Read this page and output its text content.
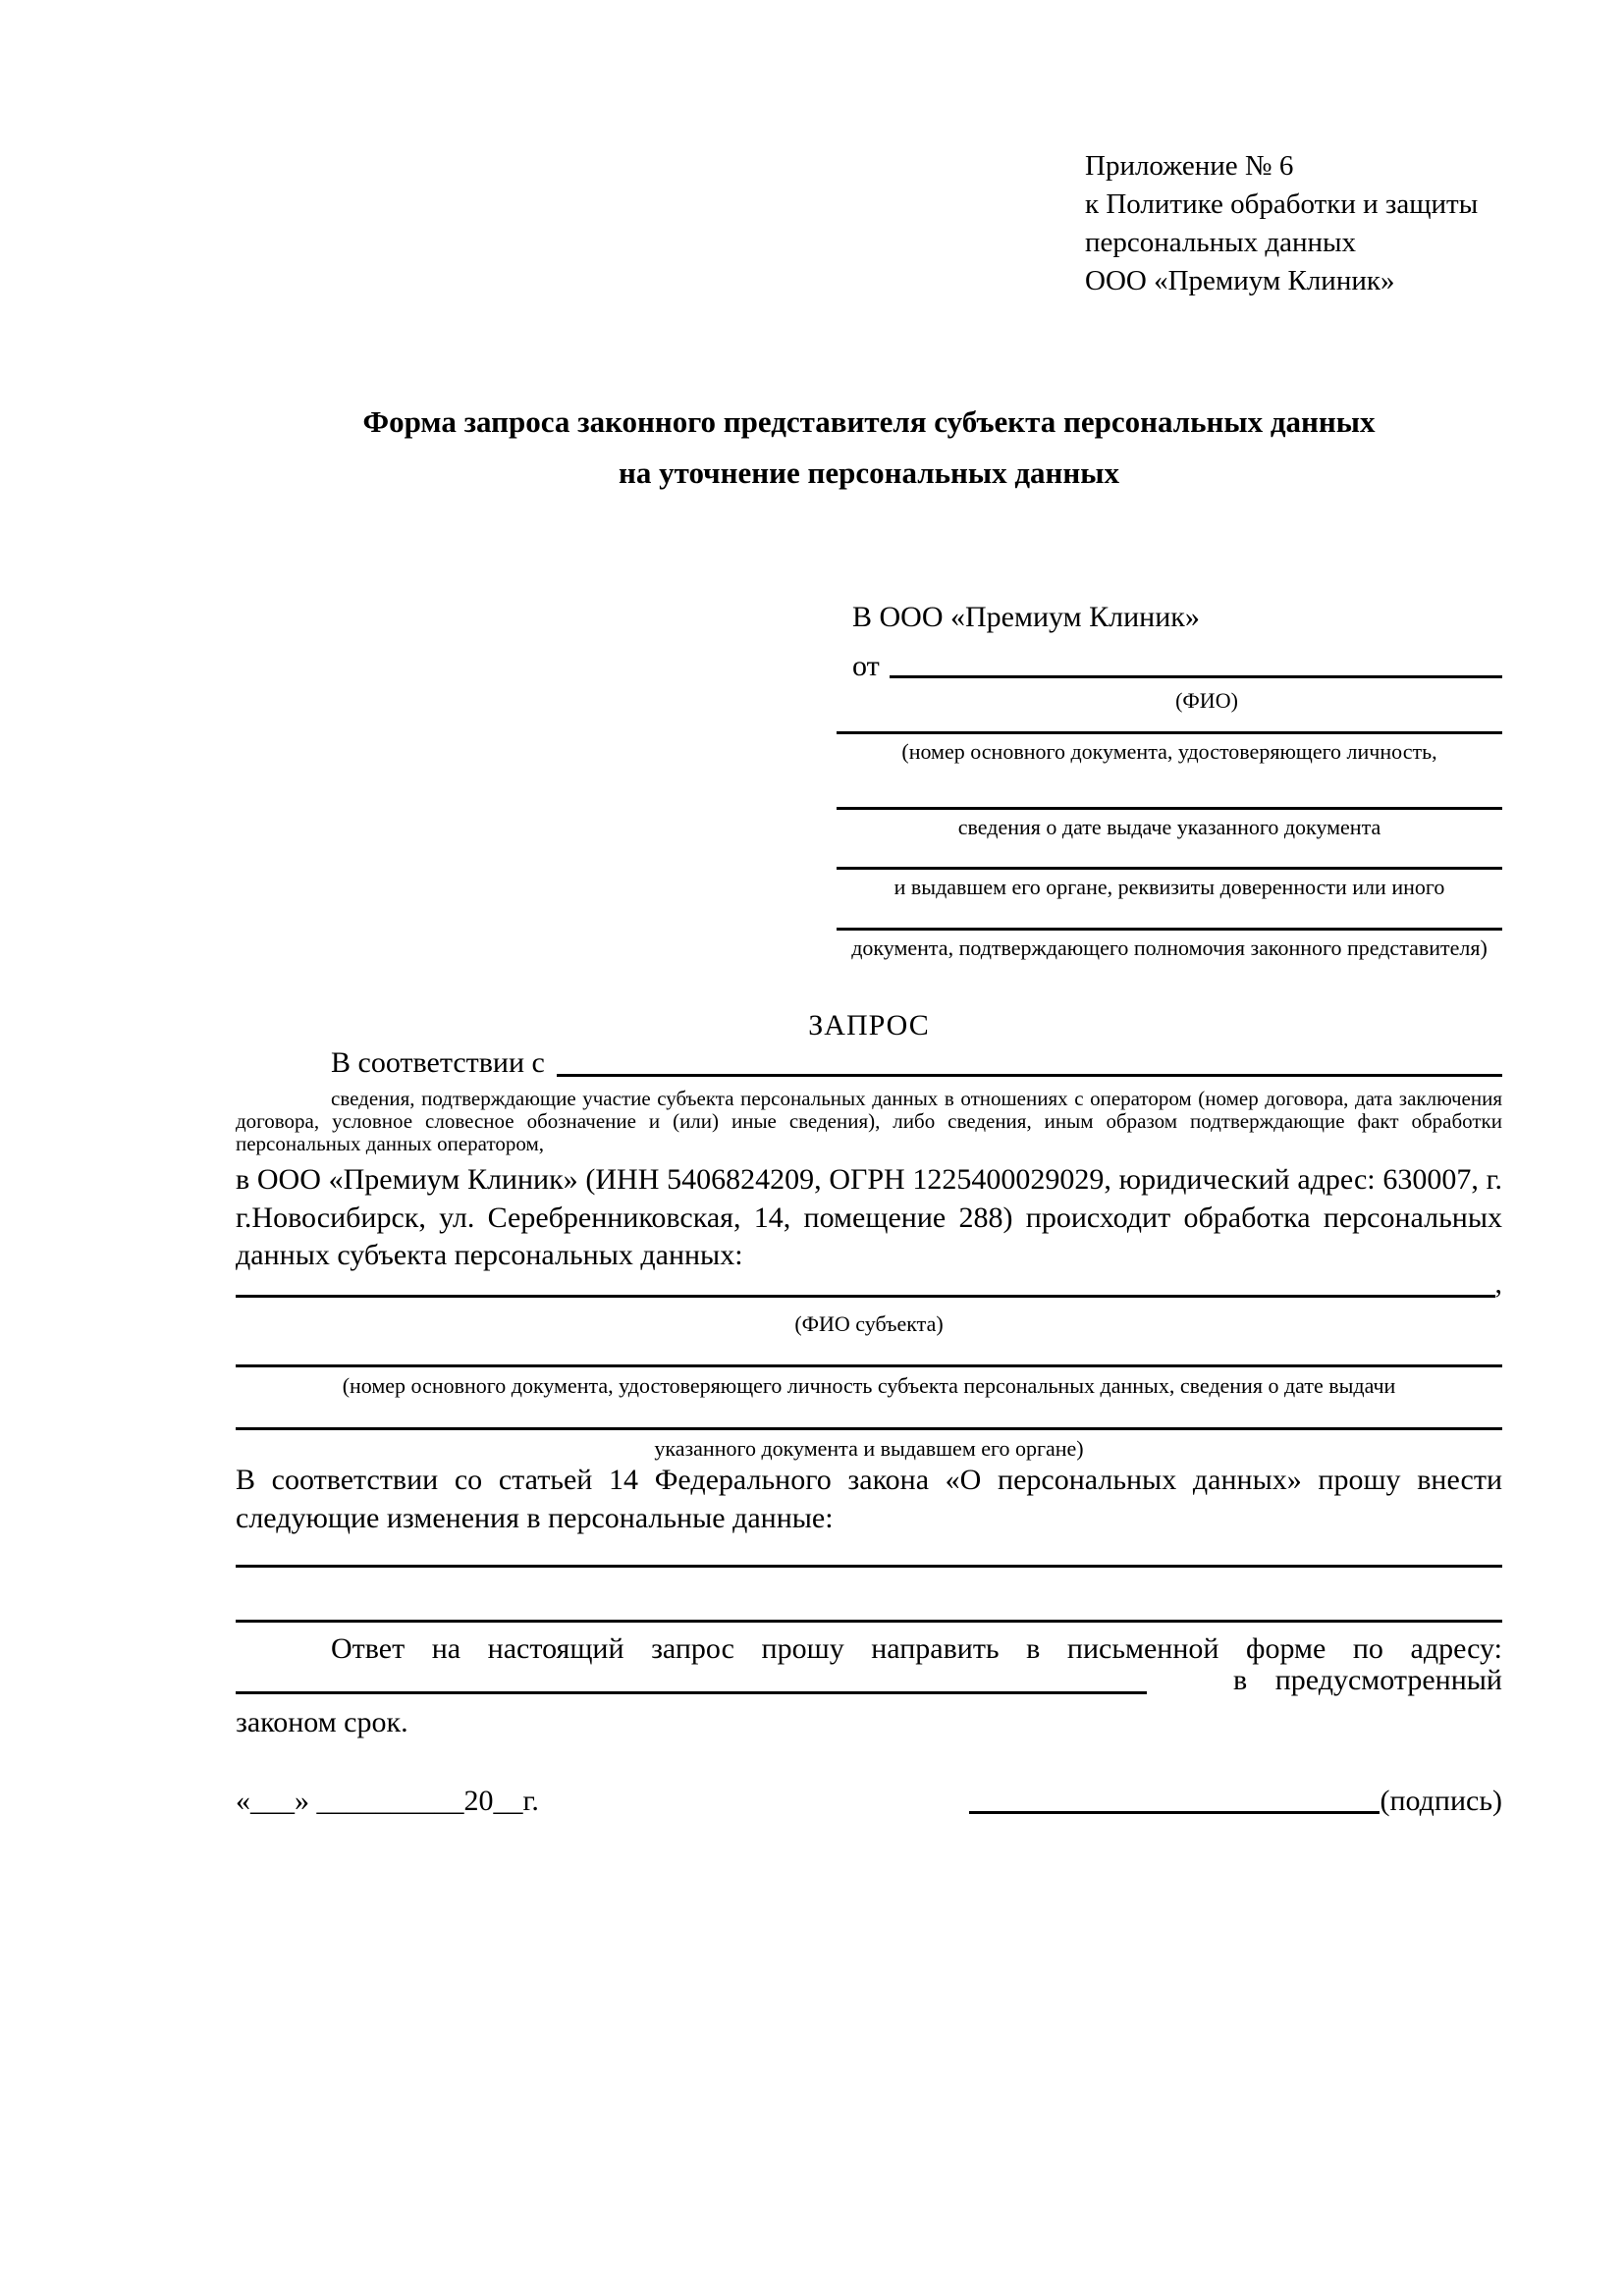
Приложение № 6
к Политике обработки и защиты
персональных данных
ООО «Премиум Клиник»
Форма запроса законного представителя субъекта персональных данных
на уточнение персональных данных
В ООО «Премиум Клиник»
от
(ФИО)
(номер основного документа, удостоверяющего личность,
сведения о дате выдаче указанного документа
и выдавшем его органе, реквизиты доверенности или иного
документа, подтверждающего полномочия законного представителя)
ЗАПРОС
В соответствии с
сведения, подтверждающие участие субъекта персональных данных в отношениях с оператором (номер договора, дата заключения договора, условное словесное обозначение и (или) иные сведения), либо сведения, иным образом подтверждающие факт обработки персональных данных оператором,
в ООО «Премиум Клиник» (ИНН 5406824209, ОГРН 1225400029029, юридический адрес: 630007, г. г.Новосибирск, ул. Серебренниковская, 14, помещение 288) происходит обработка персональных данных субъекта персональных данных:
,
(ФИО субъекта)
(номер основного документа, удостоверяющего личность субъекта персональных данных, сведения о дате выдачи
указанного документа и выдавшем его органе)
В соответствии со статьей 14 Федерального закона «О персональных данных» прошу внести следующие изменения в персональные данные:
Ответ на настоящий запрос прошу направить в письменной форме по адресу:
в предусмотренный
законом срок.
«___» __________20__г.	(подпись)
